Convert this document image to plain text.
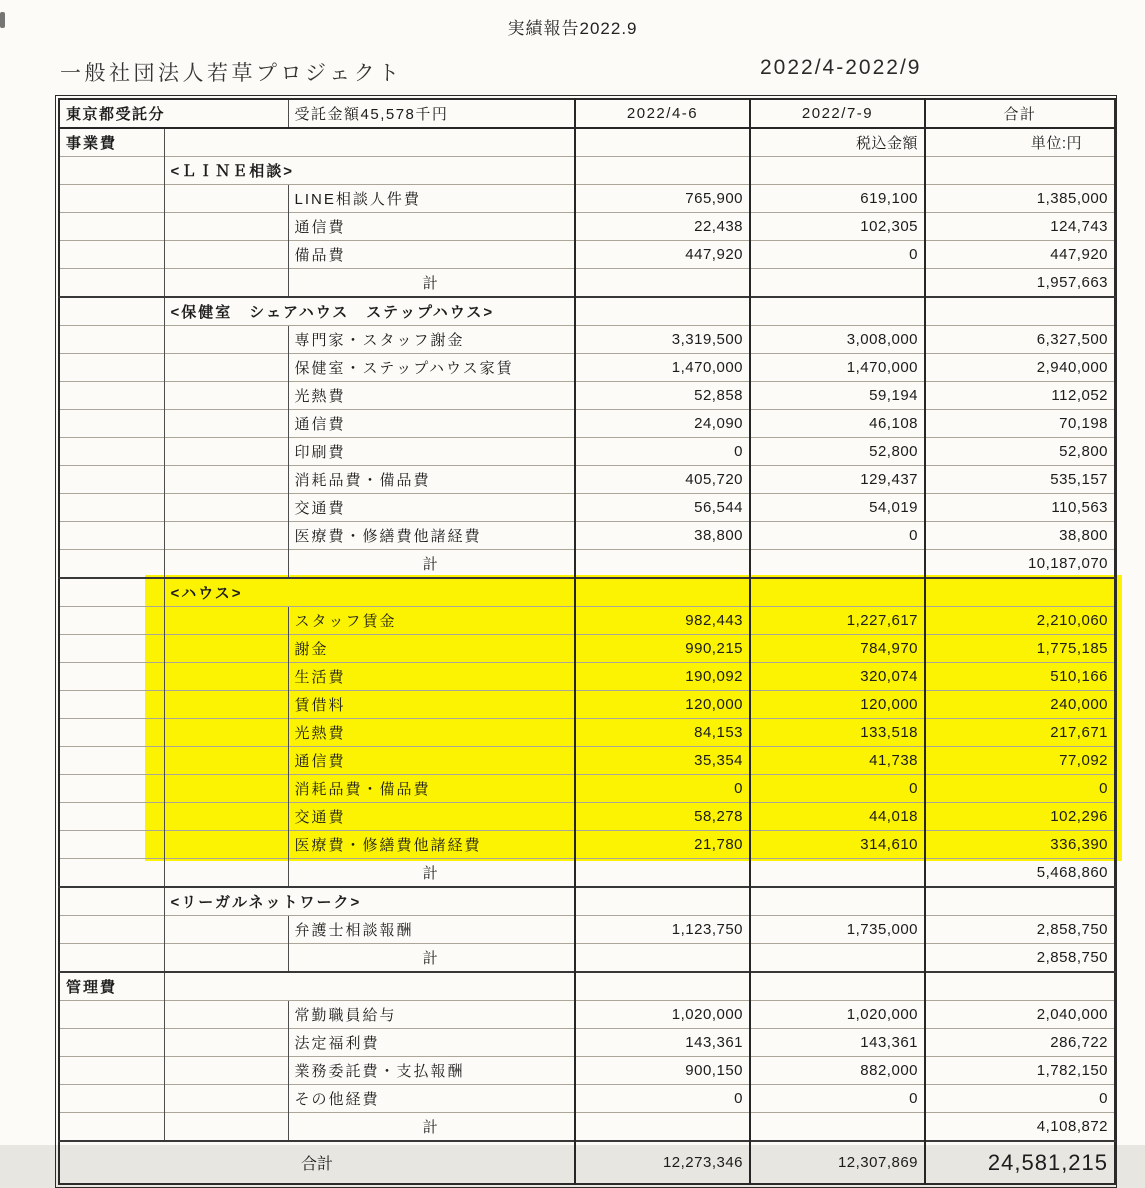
実績報告2022.9
一般社団法人若草プロジェクト	2022/4-2022/9
東京都受託分		受託金額45,578千円	2022/4-6	2022/7-9	合計
事業費				税込金額	単位:円
	<ＬＩＮＥ相談>				
		LINE相談人件費	765,900	619,100	1,385,000
		通信費	22,438	102,305	124,743
		備品費	447,920	0	447,920
		計			1,957,663
	<保健室　シェアハウス　ステップハウス>				
		専門家・スタッフ謝金	3,319,500	3,008,000	6,327,500
		保健室・ステップハウス家賃	1,470,000	1,470,000	2,940,000
		光熱費	52,858	59,194	112,052
		通信費	24,090	46,108	70,198
		印刷費	0	52,800	52,800
		消耗品費・備品費	405,720	129,437	535,157
		交通費	56,544	54,019	110,563
		医療費・修繕費他諸経費	38,800	0	38,800
		計			10,187,070
	<ハウス>				
		スタッフ賃金	982,443	1,227,617	2,210,060
		謝金	990,215	784,970	1,775,185
		生活費	190,092	320,074	510,166
		賃借料	120,000	120,000	240,000
		光熱費	84,153	133,518	217,671
		通信費	35,354	41,738	77,092
		消耗品費・備品費	0	0	0
		交通費	58,278	44,018	102,296
		医療費・修繕費他諸経費	21,780	314,610	336,390
		計			5,468,860
	<リーガルネットワーク>				
		弁護士相談報酬	1,123,750	1,735,000	2,858,750
		計			2,858,750
管理費					
		常勤職員給与	1,020,000	1,020,000	2,040,000
		法定福利費	143,361	143,361	286,722
		業務委託費・支払報酬	900,150	882,000	1,782,150
		その他経費	0	0	0
		計			4,108,872
合計			12,273,346	12,307,869	24,581,215
